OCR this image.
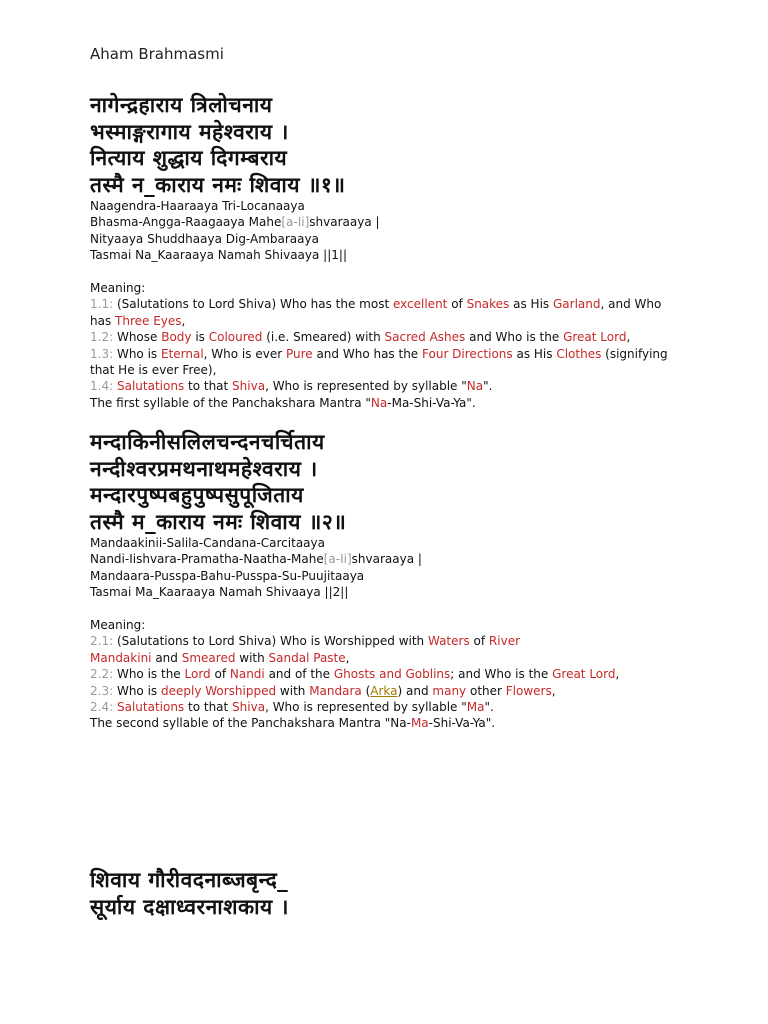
Aham Brahmasmi
नागेन्द्रहाराय त्रिलोचनाय
भस्माङ्गरागाय महेश्वराय ।
नित्याय शुद्धाय दिगम्बराय
तस्मै न_काराय नमः शिवाय ॥१॥
Naagendra-Haaraaya Tri-Locanaaya
Bhasma-Angga-Raagaaya Mahe[a-Ii]shvaraaya |
Nityaaya Shuddhaaya Dig-Ambaraaya
Tasmai Na_Kaaraaya Namah Shivaaya ||1||
Meaning:
1.1: (Salutations to Lord Shiva) Who has the most excellent of Snakes as His Garland, and Who
has Three Eyes,
1.2: Whose Body is Coloured (i.e. Smeared) with Sacred Ashes and Who is the Great Lord,
1.3: Who is Eternal, Who is ever Pure and Who has the Four Directions as His Clothes (signifying
that He is ever Free),
1.4: Salutations to that Shiva, Who is represented by syllable "Na".
The first syllable of the Panchakshara Mantra "Na-Ma-Shi-Va-Ya".
मन्दाकिनीसलिलचन्दनचर्चिताय
नन्दीश्वरप्रमथनाथमहेश्वराय ।
मन्दारपुष्पबहुपुष्पसुपूजिताय
तस्मै म_काराय नमः शिवाय ॥२॥
Mandaakinii-Salila-Candana-Carcitaaya
Nandi-Iishvara-Pramatha-Naatha-Mahe[a-Ii]shvaraaya |
Mandaara-Pusspa-Bahu-Pusspa-Su-Puujitaaya
Tasmai Ma_Kaaraaya Namah Shivaaya ||2||
Meaning:
2.1: (Salutations to Lord Shiva) Who is Worshipped with Waters of River
Mandakini and Smeared with Sandal Paste,
2.2: Who is the Lord of Nandi and of the Ghosts and Goblins; and Who is the Great Lord,
2.3: Who is deeply Worshipped with Mandara (Arka) and many other Flowers,
2.4: Salutations to that Shiva, Who is represented by syllable "Ma".
The second syllable of the Panchakshara Mantra "Na-Ma-Shi-Va-Ya".
शिवाय गौरीवदनाब्जबृन्द_
सूर्याय दक्षाध्वरनाशकाय ।
